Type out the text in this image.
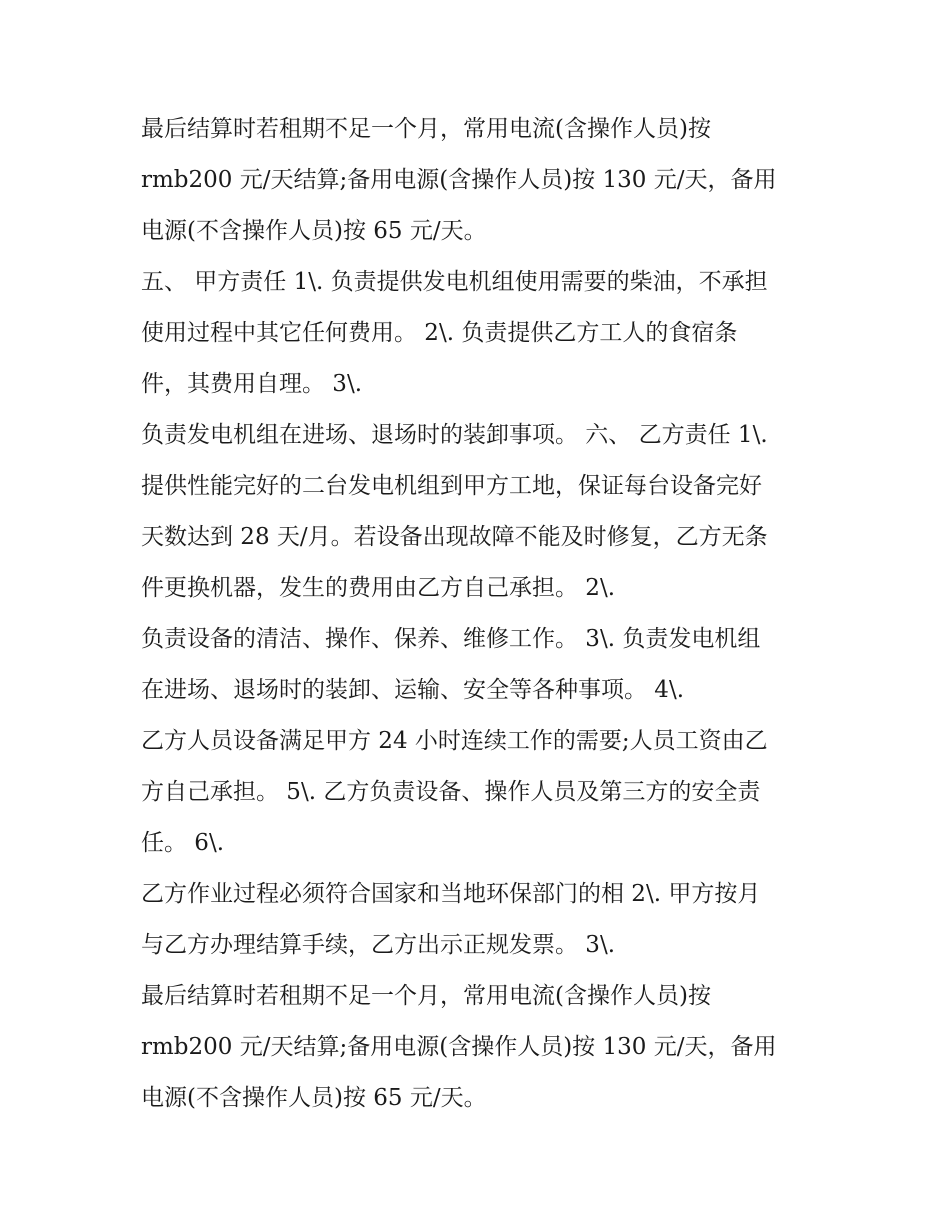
最后结算时若租期不足一个月，常用电流(含操作人员)按
rmb200 元/天结算;备用电源(含操作人员)按 130 元/天，备用
电源(不含操作人员)按 65 元/天。
五、 甲方责任 1\. 负责提供发电机组使用需要的柴油，不承担
使用过程中其它任何费用。 2\. 负责提供乙方工人的食宿条
件，其费用自理。 3\.
负责发电机组在进场、退场时的装卸事项。 六、 乙方责任 1\.
提供性能完好的二台发电机组到甲方工地，保证每台设备完好
天数达到 28 天/月。若设备出现故障不能及时修复，乙方无条
件更换机器，发生的费用由乙方自己承担。 2\.
负责设备的清洁、操作、保养、维修工作。 3\. 负责发电机组
在进场、退场时的装卸、运输、安全等各种事项。 4\.
乙方人员设备满足甲方 24 小时连续工作的需要;人员工资由乙
方自己承担。 5\. 乙方负责设备、操作人员及第三方的安全责
任。 6\.
乙方作业过程必须符合国家和当地环保部门的相 2\. 甲方按月
与乙方办理结算手续，乙方出示正规发票。 3\.
最后结算时若租期不足一个月，常用电流(含操作人员)按
rmb200 元/天结算;备用电源(含操作人员)按 130 元/天，备用
电源(不含操作人员)按 65 元/天。
